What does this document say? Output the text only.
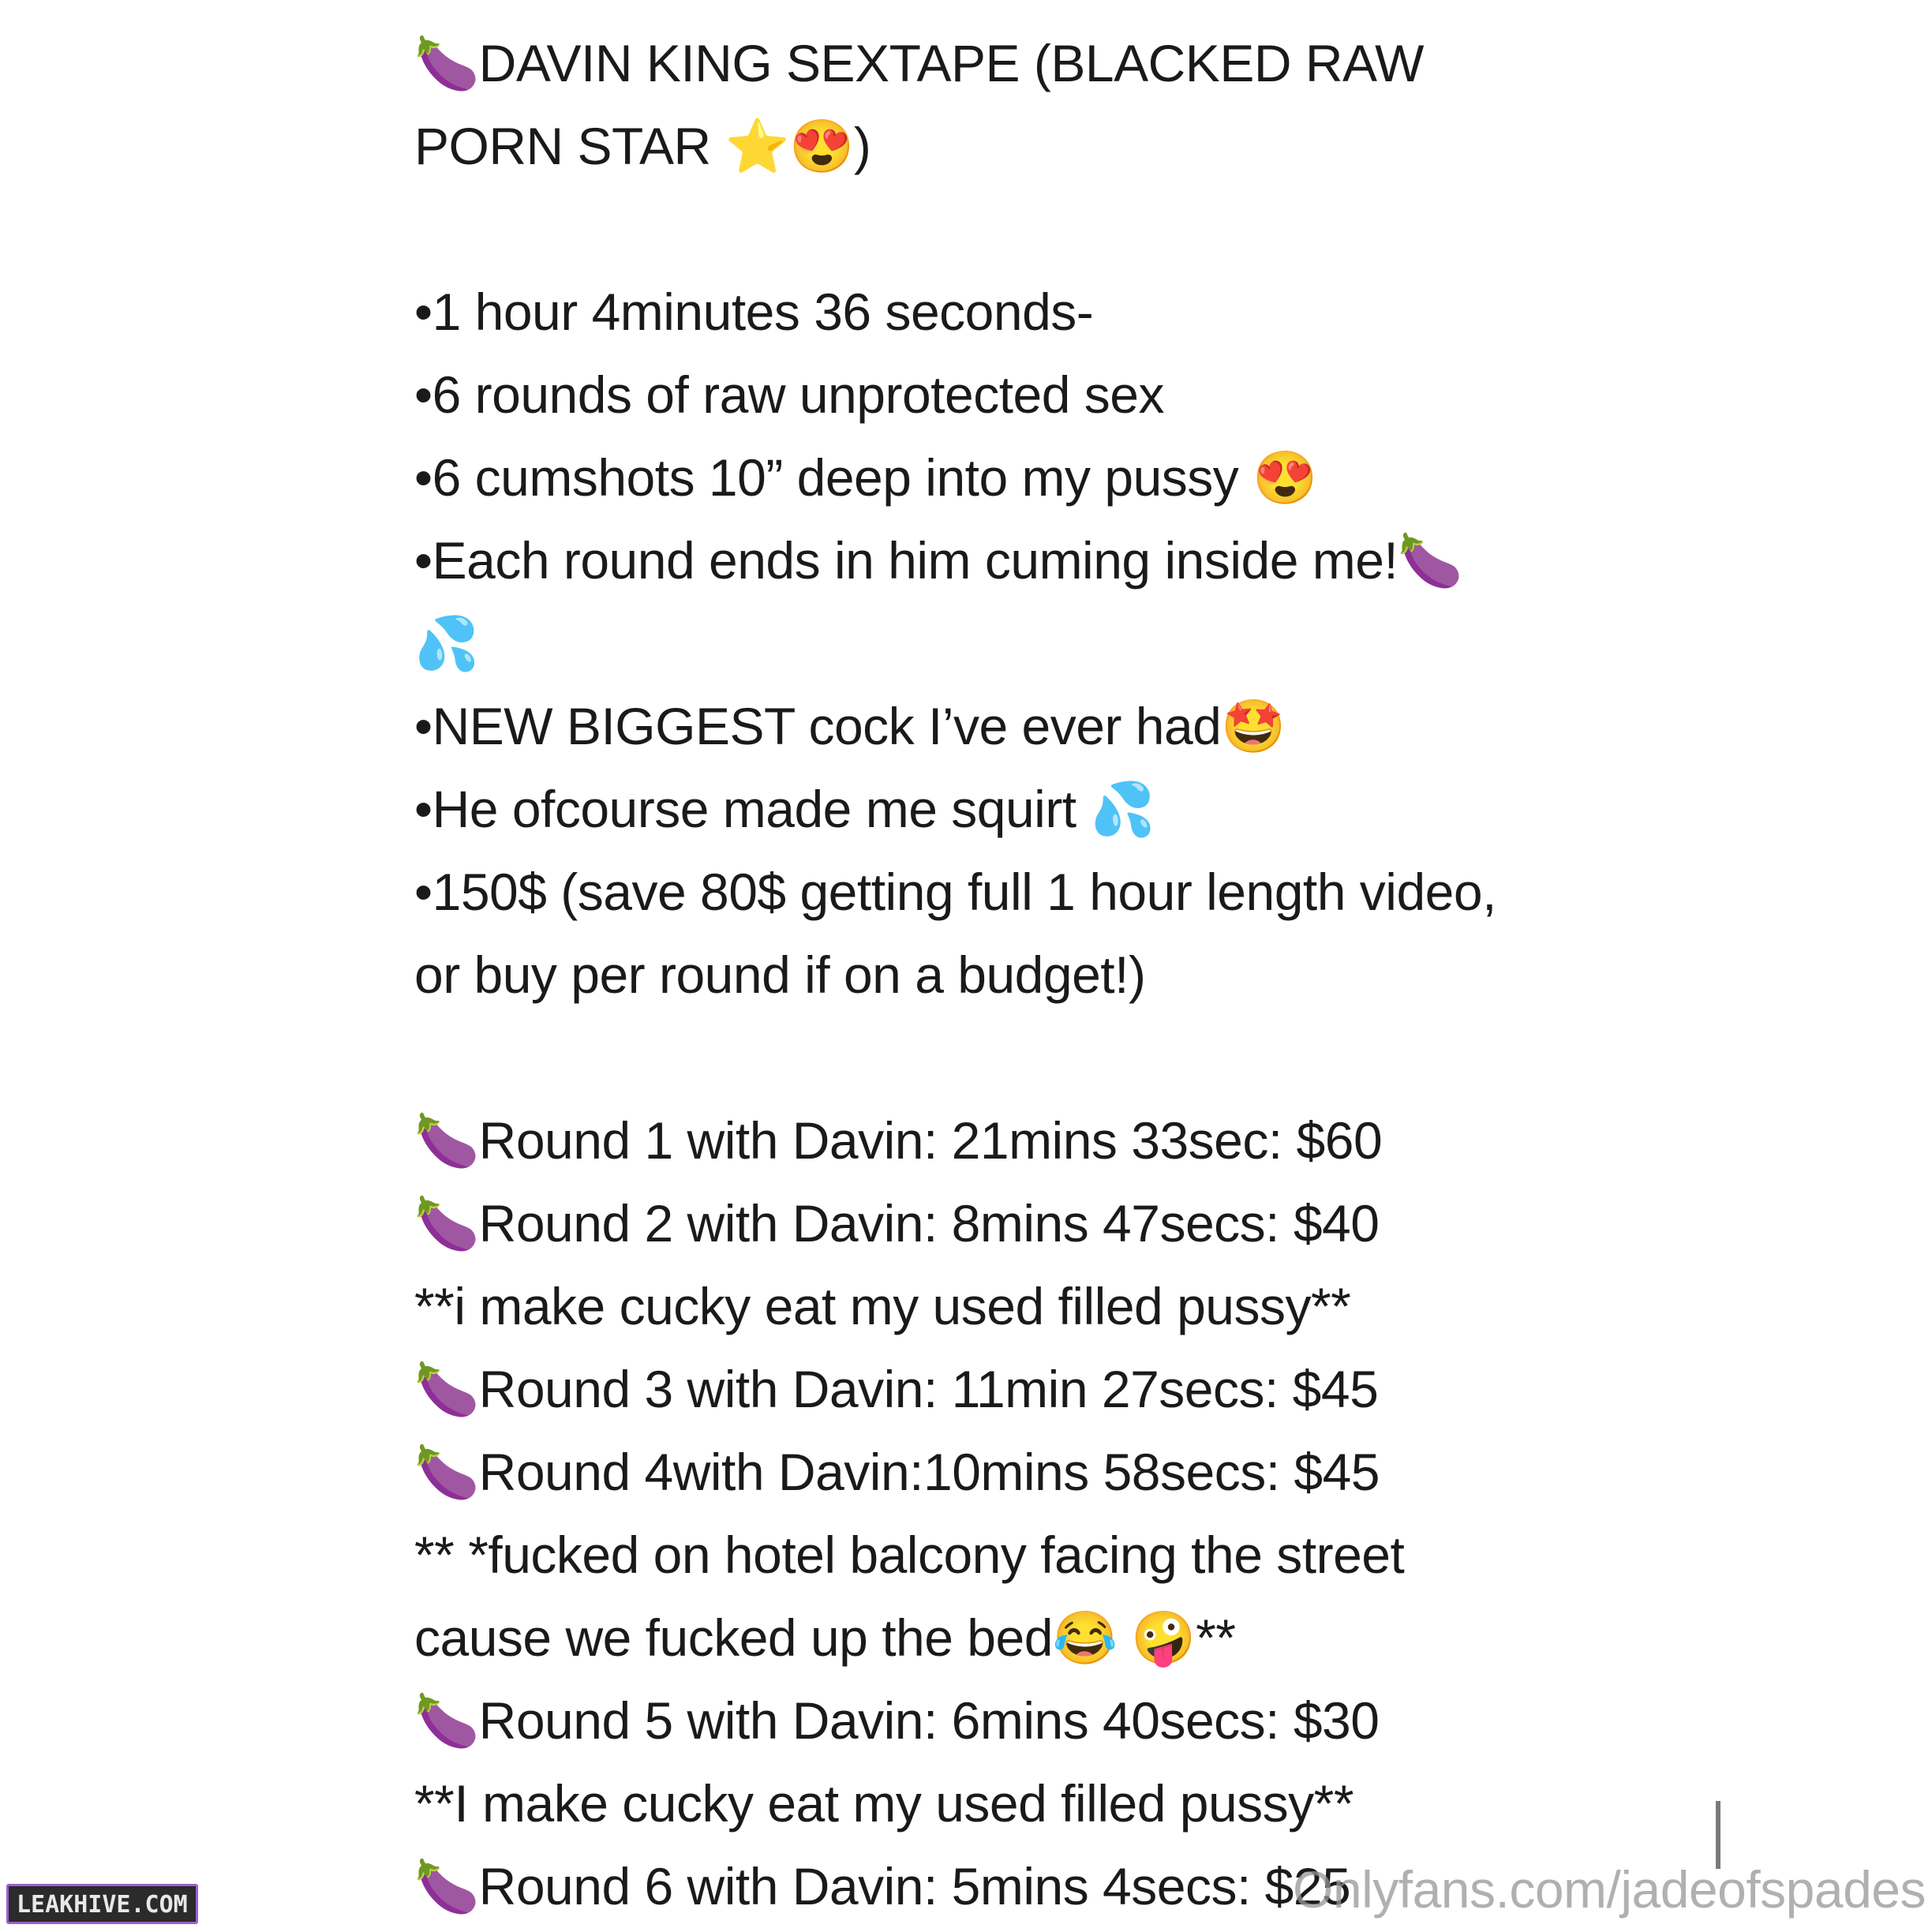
🍆DAVIN KING SEXTAPE (BLACKED RAW PORN STAR ⭐😍)
•1 hour 4minutes 36 seconds-
•6 rounds of raw unprotected sex
•6 cumshots 10” deep into my pussy 😍
•Each round ends in him cuming inside me!🍆 💦
•NEW BIGGEST cock I’ve ever had🤩
•He ofcourse made me squirt 💦
•150$ (save 80$ getting full 1 hour length video, or buy per round if on a budget!)
🍆Round 1 with Davin: 21mins 33sec: $60
🍆Round 2 with Davin: 8mins 47secs: $40
**i make cucky eat my used filled pussy**
🍆Round 3 with Davin: 11min 27secs: $45
🍆Round 4with Davin:10mins 58secs: $45
** *fucked on hotel balcony facing the street cause we fucked up the bed😂 🤪**
🍆Round 5 with Davin: 6mins 40secs: $30
**I make cucky eat my used filled pussy**
🍆Round 6 with Davin: 5mins 4secs: $25
LEAKHIVE.COM	Onlyfans.com/jadeofspades
